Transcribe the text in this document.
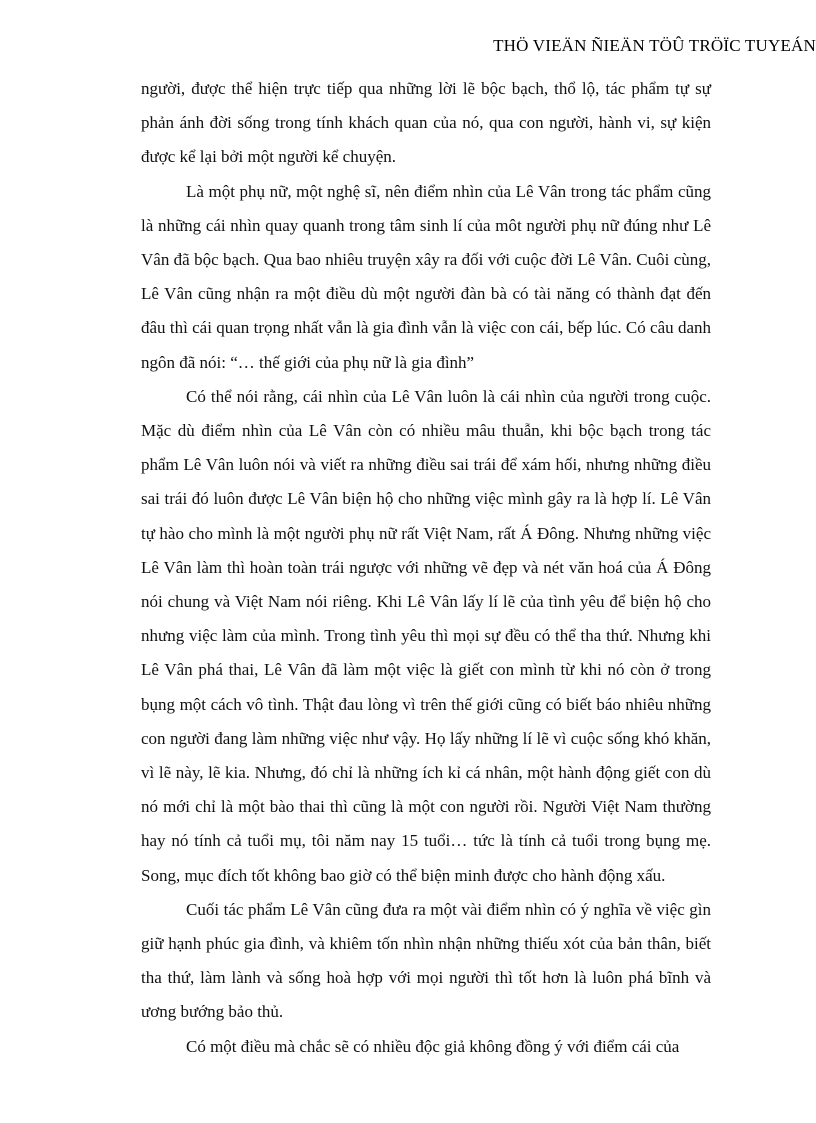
THÖ VIEÄN ÑIEÄN TÖÛ TRÖÏC TUYEÁN

người, được thể hiện trực tiếp qua những lời lẽ bộc bạch, thổ lộ, tác phẩm tự sự phản ánh đời sống trong tính khách quan của nó, qua con người, hành vi, sự kiện được kể lại bởi một người kể chuyện.

Là một phụ nữ, một nghệ sĩ, nên điểm nhìn của Lê Vân trong tác phẩm cũng là những cái nhìn quay quanh trong tâm sinh lí của môt người phụ nữ đúng như Lê Vân đã bộc bạch. Qua bao nhiêu truyện xây ra đối với cuộc đời Lê Vân. Cuôi cùng, Lê Vân cũng nhận ra một điều dù một người đàn bà có tài năng có thành đạt đến đâu thì cái quan trọng nhất vẫn là gia đình vẫn là việc con cái, bếp lúc. Có câu danh ngôn đã nói: “… thế giới của phụ nữ là gia đình”

Có thể nói rằng, cái nhìn của Lê Vân luôn là cái nhìn của người trong cuộc. Mặc dù điểm nhìn của Lê Vân còn có nhiều mâu thuẫn, khi bộc bạch trong tác phẩm Lê Vân luôn nói và viết ra những điều sai trái để xám hối, nhưng những điều sai trái đó luôn được Lê Vân biện hộ cho những việc mình gây ra là hợp lí. Lê Vân tự hào cho mình là một người phụ nữ rất Việt Nam, rất Á Đông. Nhưng những việc Lê Vân làm thì hoàn toàn trái ngược với những vẽ đẹp và nét văn hoá của Á Đông nói chung và Việt Nam nói riêng. Khi Lê Vân lấy lí lẽ của tình yêu để biện hộ cho nhưng việc làm của mình. Trong tình yêu thì mọi sự đều có thể tha thứ. Nhưng khi Lê Vân phá thai, Lê Vân đã làm một việc là giết con mình từ khi nó còn ở trong bụng một cách vô tình. Thật đau lòng vì trên thế giới cũng có biết báo nhiêu những con người đang làm những việc như vậy. Họ lấy những lí lẽ vì cuộc sống khó khăn, vì lẽ này, lẽ kia. Nhưng, đó chỉ là những ích kỉ cá nhân, một hành động giết con dù nó mới chỉ là một bào thai thì cũng là một con người rồi. Người Việt Nam thường hay nó tính cả tuổi mụ, tôi năm nay 15 tuổi… tức là tính cả tuổi trong bụng mẹ. Song, mục đích tốt không bao giờ có thể biện minh được cho hành động xấu.

Cuối tác phẩm Lê Vân cũng đưa ra một vài điểm nhìn có ý nghĩa về việc gìn giữ hạnh phúc gia đình, và khiêm tốn nhìn nhận những thiếu xót của bản thân, biết tha thứ, làm lành và sống hoà hợp với mọi người thì tốt hơn là luôn phá bĩnh và ương bướng bảo thủ.

Có một điều mà chắc sẽ có nhiều độc giả không đồng ý với điểm cái của
